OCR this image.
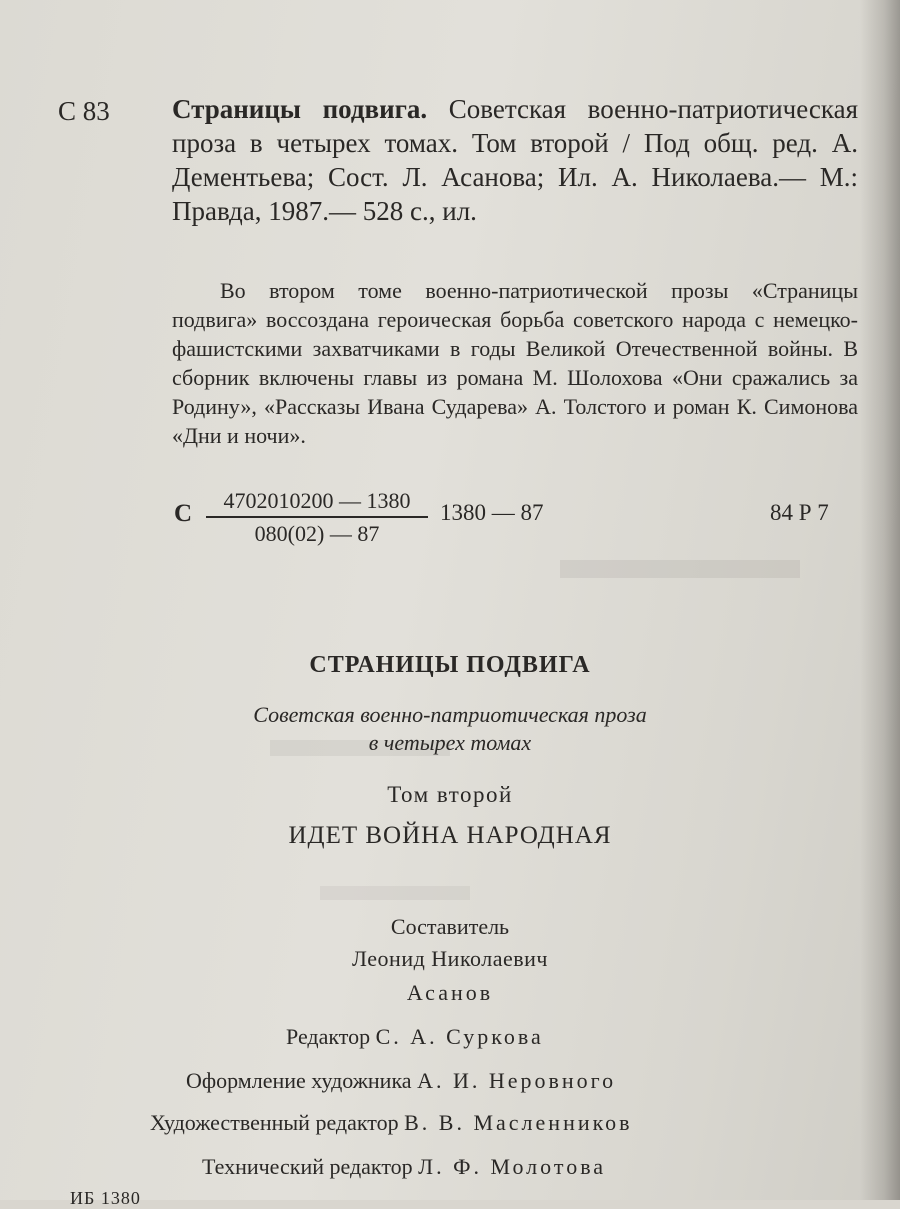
С 83 Страницы подвига. Советская военно-патриотическая проза в четырех томах. Том второй / Под общ. ред. А. Дементьева; Сост. Л. Асанова; Ил. А. Николаева.— М.: Правда, 1987.— 528 с., ил.
Во втором томе военно-патриотической прозы «Страницы подвига» воссоздана героическая борьба советского народа с немецко-фашистскими захватчиками в годы Великой Отечественной войны. В сборник включены главы из романа М. Шолохова «Они сражались за Родину», «Рассказы Ивана Сударева» А. Толстого и роман К. Симонова «Дни и ночи».
С	4702010200 — 1380
080(02) — 87
1380 — 87	84 Р 7
СТРАНИЦЫ ПОДВИГА
Советская военно-патриотическая проза
в четырех томах
Том второй
ИДЕТ ВОЙНА НАРОДНАЯ
Составитель
Леонид Николаевич
Асанов
Редактор С. А. Суркова
Оформление художника А. И. Неровного
Художественный редактор В. В. Масленников
Технический редактор Л. Ф. Молотова
ИБ 1380
